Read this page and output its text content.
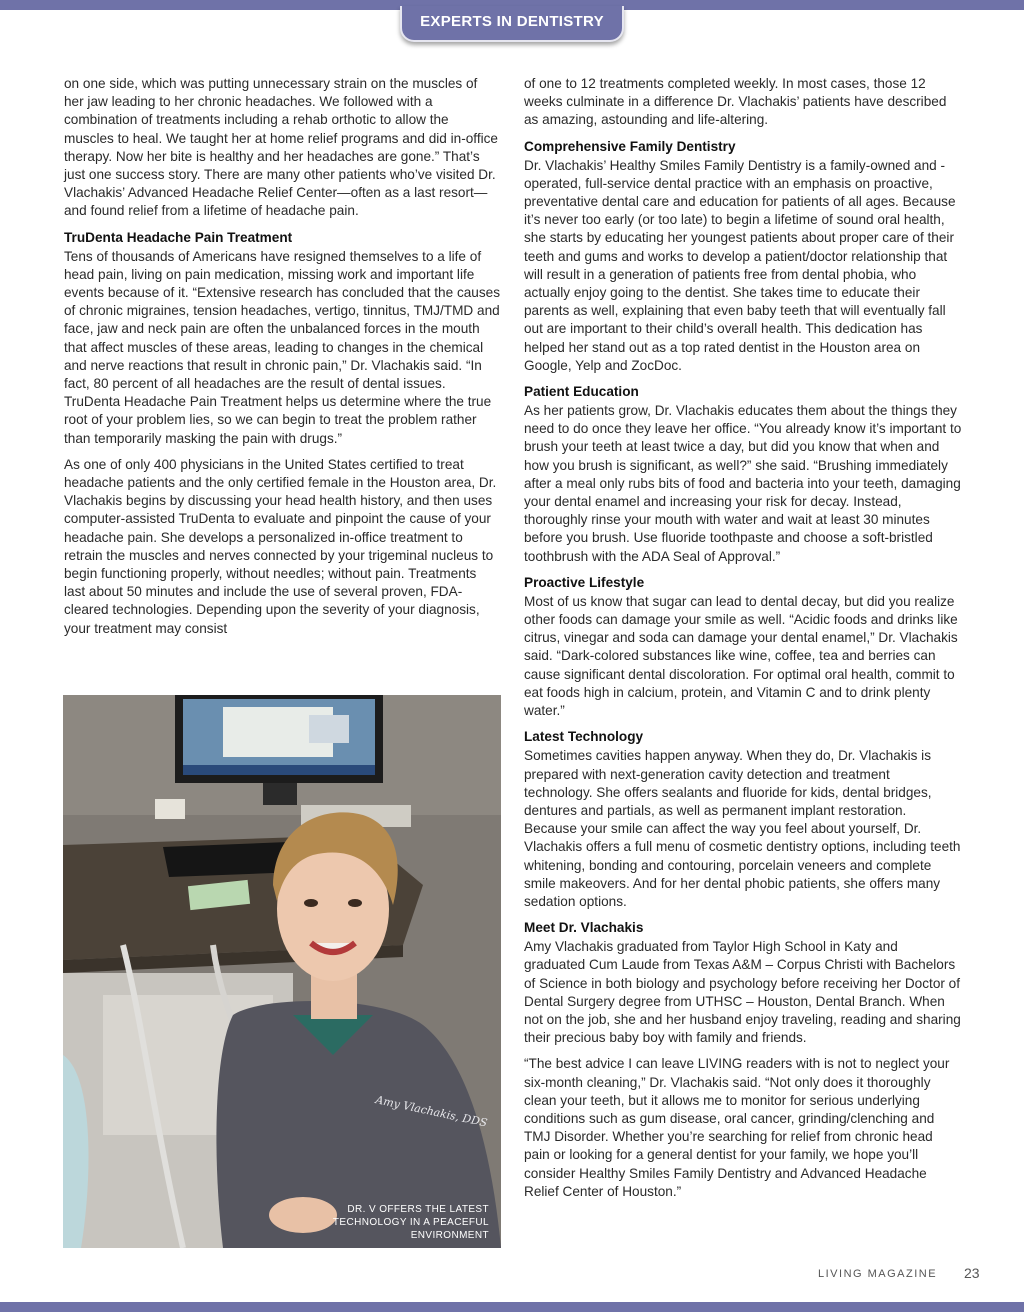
EXPERTS IN DENTISTRY

on one side, which was putting unnecessary strain on the muscles of her jaw leading to her chronic headaches. We followed with a combination of treatments including a rehab orthotic to allow the muscles to heal. We taught her at home relief programs and did in-office therapy. Now her bite is healthy and her headaches are gone.” That’s just one success story. There are many other patients who’ve visited Dr. Vlachakis’ Advanced Headache Relief Center—often as a last resort—and found relief from a lifetime of headache pain.

TruDenta Headache Pain Treatment

Tens of thousands of Americans have resigned themselves to a life of head pain, living on pain medication, missing work and important life events because of it. “Extensive research has concluded that the causes of chronic migraines, tension headaches, vertigo, tinnitus, TMJ/TMD and face, jaw and neck pain are often the unbalanced forces in the mouth that affect muscles of these areas, leading to changes in the chemical and nerve reactions that result in chronic pain,” Dr. Vlachakis said. “In fact, 80 percent of all headaches are the result of dental issues. TruDenta Headache Pain Treatment helps us determine where the true root of your problem lies, so we can begin to treat the problem rather than temporarily masking the pain with drugs.”

As one of only 400 physicians in the United States certified to treat headache patients and the only certified female in the Houston area, Dr. Vlachakis begins by discussing your head health history, and then uses computer-assisted TruDenta to evaluate and pinpoint the cause of your headache pain. She develops a personalized in-office treatment to retrain the muscles and nerves connected by your trigeminal nucleus to begin functioning properly, without needles; without pain. Treatments last about 50 minutes and include the use of several proven, FDA-cleared technologies. Depending upon the severity of your diagnosis, your treatment may consist

Amy Vlachakis, DDS
DR. V OFFERS THE LATEST TECHNOLOGY IN A PEACEFUL ENVIRONMENT

of one to 12 treatments completed weekly. In most cases, those 12 weeks culminate in a difference Dr. Vlachakis’ patients have described as amazing, astounding and life-altering.

Comprehensive Family Dentistry

Dr. Vlachakis’ Healthy Smiles Family Dentistry is a family-owned and -operated, full-service dental practice with an emphasis on proactive, preventative dental care and education for patients of all ages. Because it’s never too early (or too late) to begin a lifetime of sound oral health, she starts by educating her youngest patients about proper care of their teeth and gums and works to develop a patient/doctor relationship that will result in a generation of patients free from dental phobia, who actually enjoy going to the dentist. She takes time to educate their parents as well, explaining that even baby teeth that will eventually fall out are important to their child’s overall health. This dedication has helped her stand out as a top rated dentist in the Houston area on Google, Yelp and ZocDoc.

Patient Education

As her patients grow, Dr. Vlachakis educates them about the things they need to do once they leave her office. “You already know it’s important to brush your teeth at least twice a day, but did you know that when and how you brush is significant, as well?” she said. “Brushing immediately after a meal only rubs bits of food and bacteria into your teeth, damaging your dental enamel and increasing your risk for decay. Instead, thoroughly rinse your mouth with water and wait at least 30 minutes before you brush. Use fluoride toothpaste and choose a soft-bristled toothbrush with the ADA Seal of Approval.”

Proactive Lifestyle

Most of us know that sugar can lead to dental decay, but did you realize other foods can damage your smile as well. “Acidic foods and drinks like citrus, vinegar and soda can damage your dental enamel,” Dr. Vlachakis said. “Dark-colored substances like wine, coffee, tea and berries can cause significant dental discoloration. For optimal oral health, commit to eat foods high in calcium, protein, and Vitamin C and to drink plenty water.”

Latest Technology

Sometimes cavities happen anyway. When they do, Dr. Vlachakis is prepared with next-generation cavity detection and treatment technology. She offers sealants and fluoride for kids, dental bridges, dentures and partials, as well as permanent implant restoration. Because your smile can affect the way you feel about yourself, Dr. Vlachakis offers a full menu of cosmetic dentistry options, including teeth whitening, bonding and contouring, porcelain veneers and complete smile makeovers. And for her dental phobic patients, she offers many sedation options.

Meet Dr. Vlachakis

Amy Vlachakis graduated from Taylor High School in Katy and graduated Cum Laude from Texas A&M – Corpus Christi with Bachelors of Science in both biology and psychology before receiving her Doctor of Dental Surgery degree from UTHSC – Houston, Dental Branch. When not on the job, she and her husband enjoy traveling, reading and sharing their precious baby boy with family and friends.

“The best advice I can leave LIVING readers with is not to neglect your six-month cleaning,” Dr. Vlachakis said. “Not only does it thoroughly clean your teeth, but it allows me to monitor for serious underlying conditions such as gum disease, oral cancer, grinding/clenching and TMJ Disorder. Whether you’re searching for relief from chronic head pain or looking for a general dentist for your family, we hope you’ll consider Healthy Smiles Family Dentistry and Advanced Headache Relief Center of Houston.”

LIVING MAGAZINE 23
